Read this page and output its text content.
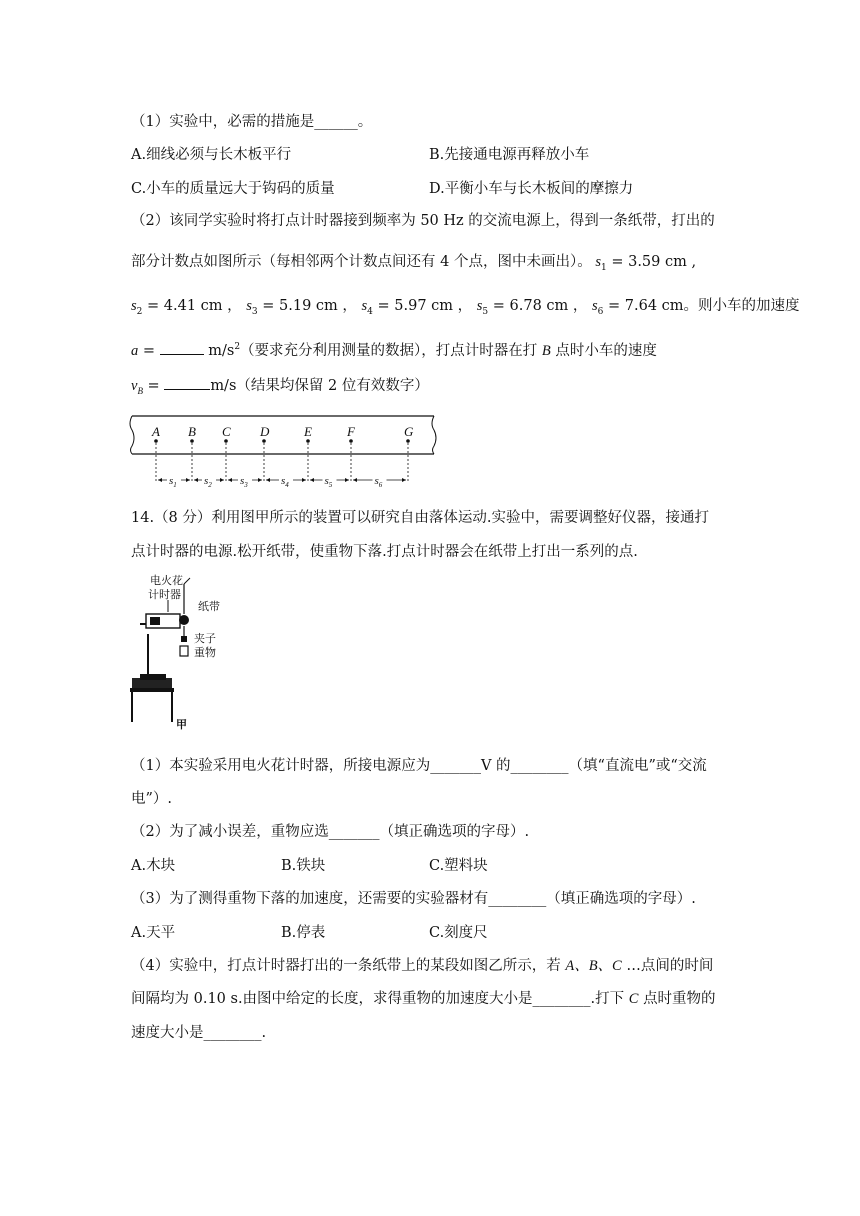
（1）实验中，必需的措施是______。
A.细线必须与长木板平行	B.先接通电源再释放小车
C.小车的质量远大于钩码的质量	D.平衡小车与长木板间的摩擦力
（2）该同学实验时将打点计时器接到频率为 50 Hz 的交流电源上，得到一条纸带，打出的
部分计数点如图所示（每相邻两个计数点间还有 4 个点，图中未画出）。 $s_1 = 3.59$ cm ,
$s_2 = 4.41$ cm ， $s_3 = 5.19$ cm ， $s_4 = 5.97$ cm ， $s_5 = 6.78$ cm ， $s_6 = 7.64$ cm。则小车的加速度
a =	$m/s^2$（要求充分利用测量的数据），打点计时器在打 B 点时小车的速度
$v_B$ =	m/s（结果均保留 2 位有效数字）
A B C D	E	F	G
$s_1$ $s_2$	$s_3$	$s_4$	$s_5$	$s_6$
14.（8 分）利用图甲所示的装置可以研究自由落体运动.实验中，需要调整好仪器，接通打
点计时器的电源.松开纸带，使重物下落.打点计时器会在纸带上打出一系列的点.
电火花
计时器
纸带
夹子
重物
甲
（1）本实验采用电火花计时器，所接电源应为_______V 的________（填“直流电”或“交流
电”）.
（2）为了减小误差，重物应选_______（填正确选项的字母）.
A.木块	B.铁块	C.塑料块
（3）为了测得重物下落的加速度，还需要的实验器材有________（填正确选项的字母）.
A.天平	B.停表	C.刻度尺
（4）实验中，打点计时器打出的一条纸带上的某段如图乙所示，若 A、B、C …点间的时间
间隔均为 0.10 s.由图中给定的长度，求得重物的加速度大小是________.打下 C 点时重物的
速度大小是________.
